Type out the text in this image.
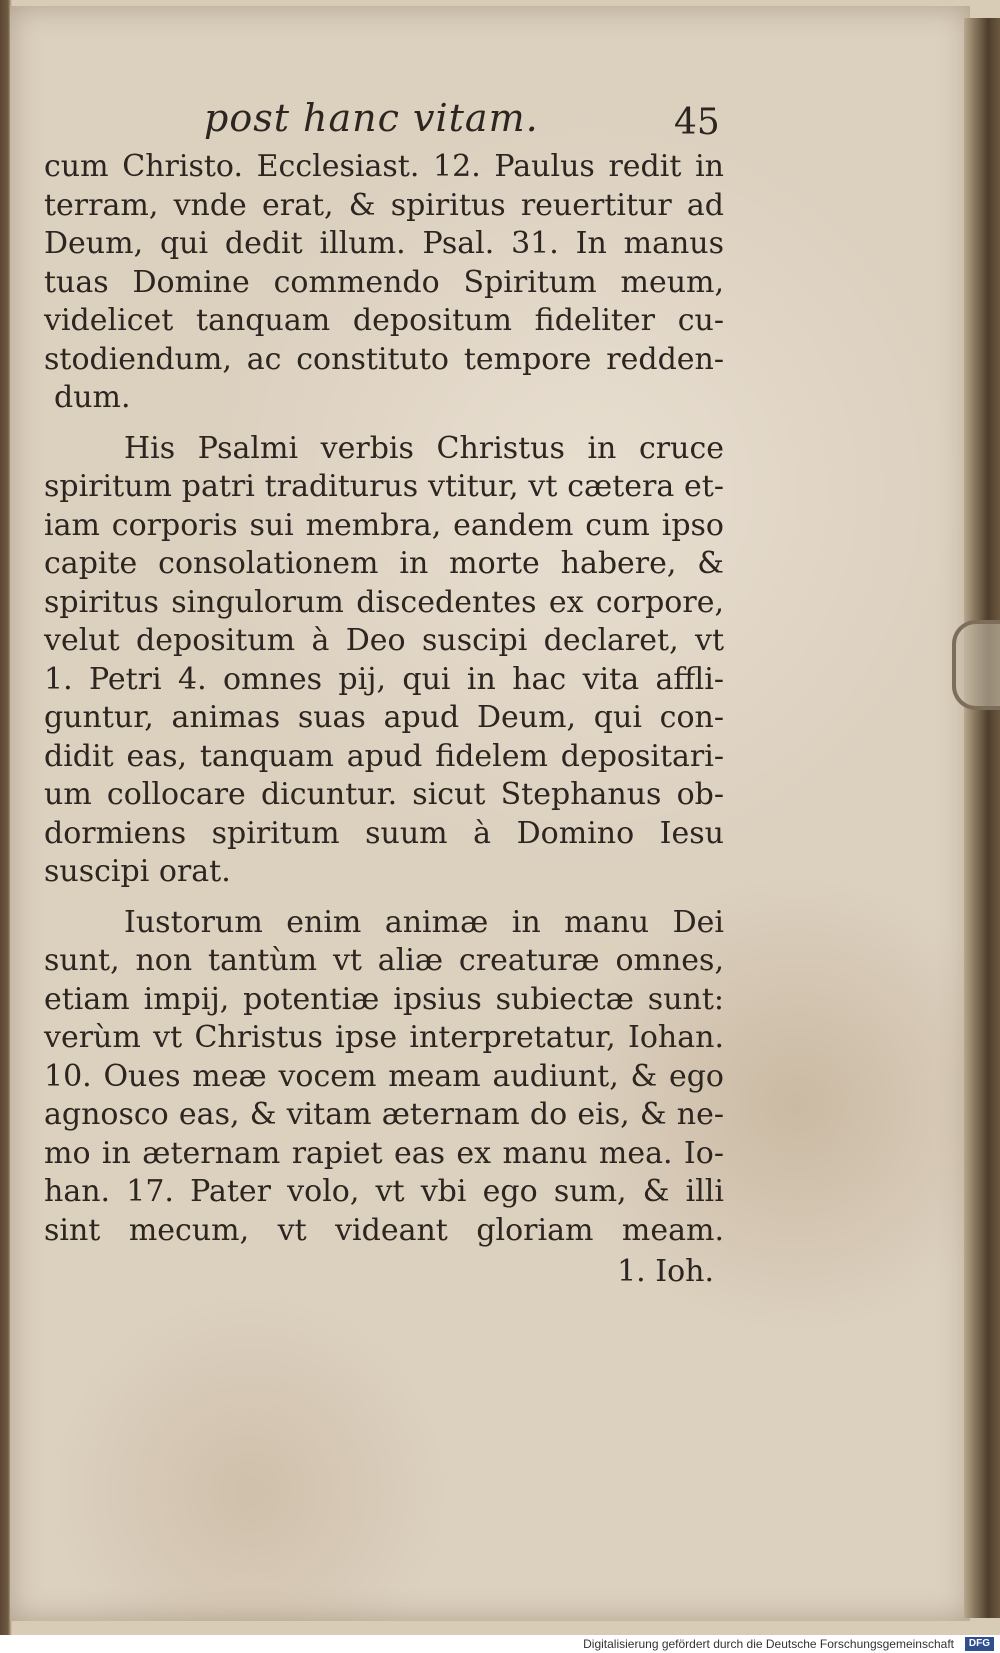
post hanc vitam.	45
cum Christo. Ecclesiast. 12. Paulus redit in
terram, vnde erat, & spiritus reuertitur ad
Deum, qui dedit illum. Psal. 31. In manus
tuas Domine commendo Spiritum meum,
videlicet tanquam depositum fideliter cu-
stodiendum, ac constituto tempore redden-
dum.
His Psalmi verbis Christus in cruce
spiritum patri traditurus vtitur, vt cætera et-
iam corporis sui membra, eandem cum ipso
capite consolationem in morte habere, &
spiritus singulorum discedentes ex corpore,
velut depositum à Deo suscipi declaret, vt
1. Petri 4. omnes pij, qui in hac vita affli-
guntur, animas suas apud Deum, qui con-
didit eas, tanquam apud fidelem depositari-
um collocare dicuntur. sicut Stephanus ob-
dormiens spiritum suum à Domino Iesu
suscipi orat.
Iustorum enim animæ in manu Dei
sunt, non tantùm vt aliæ creaturæ omnes,
etiam impij, potentiæ ipsius subiectæ sunt:
verùm vt Christus ipse interpretatur, Iohan.
10. Oues meæ vocem meam audiunt, & ego
agnosco eas, & vitam æternam do eis, & ne-
mo in æternam rapiet eas ex manu mea. Io-
han. 17. Pater volo, vt vbi ego sum, & illi
sint mecum, vt videant gloriam meam.
1. Ioh.
Digitalisierung gefördert durch die Deutsche Forschungsgemeinschaft	DFG
